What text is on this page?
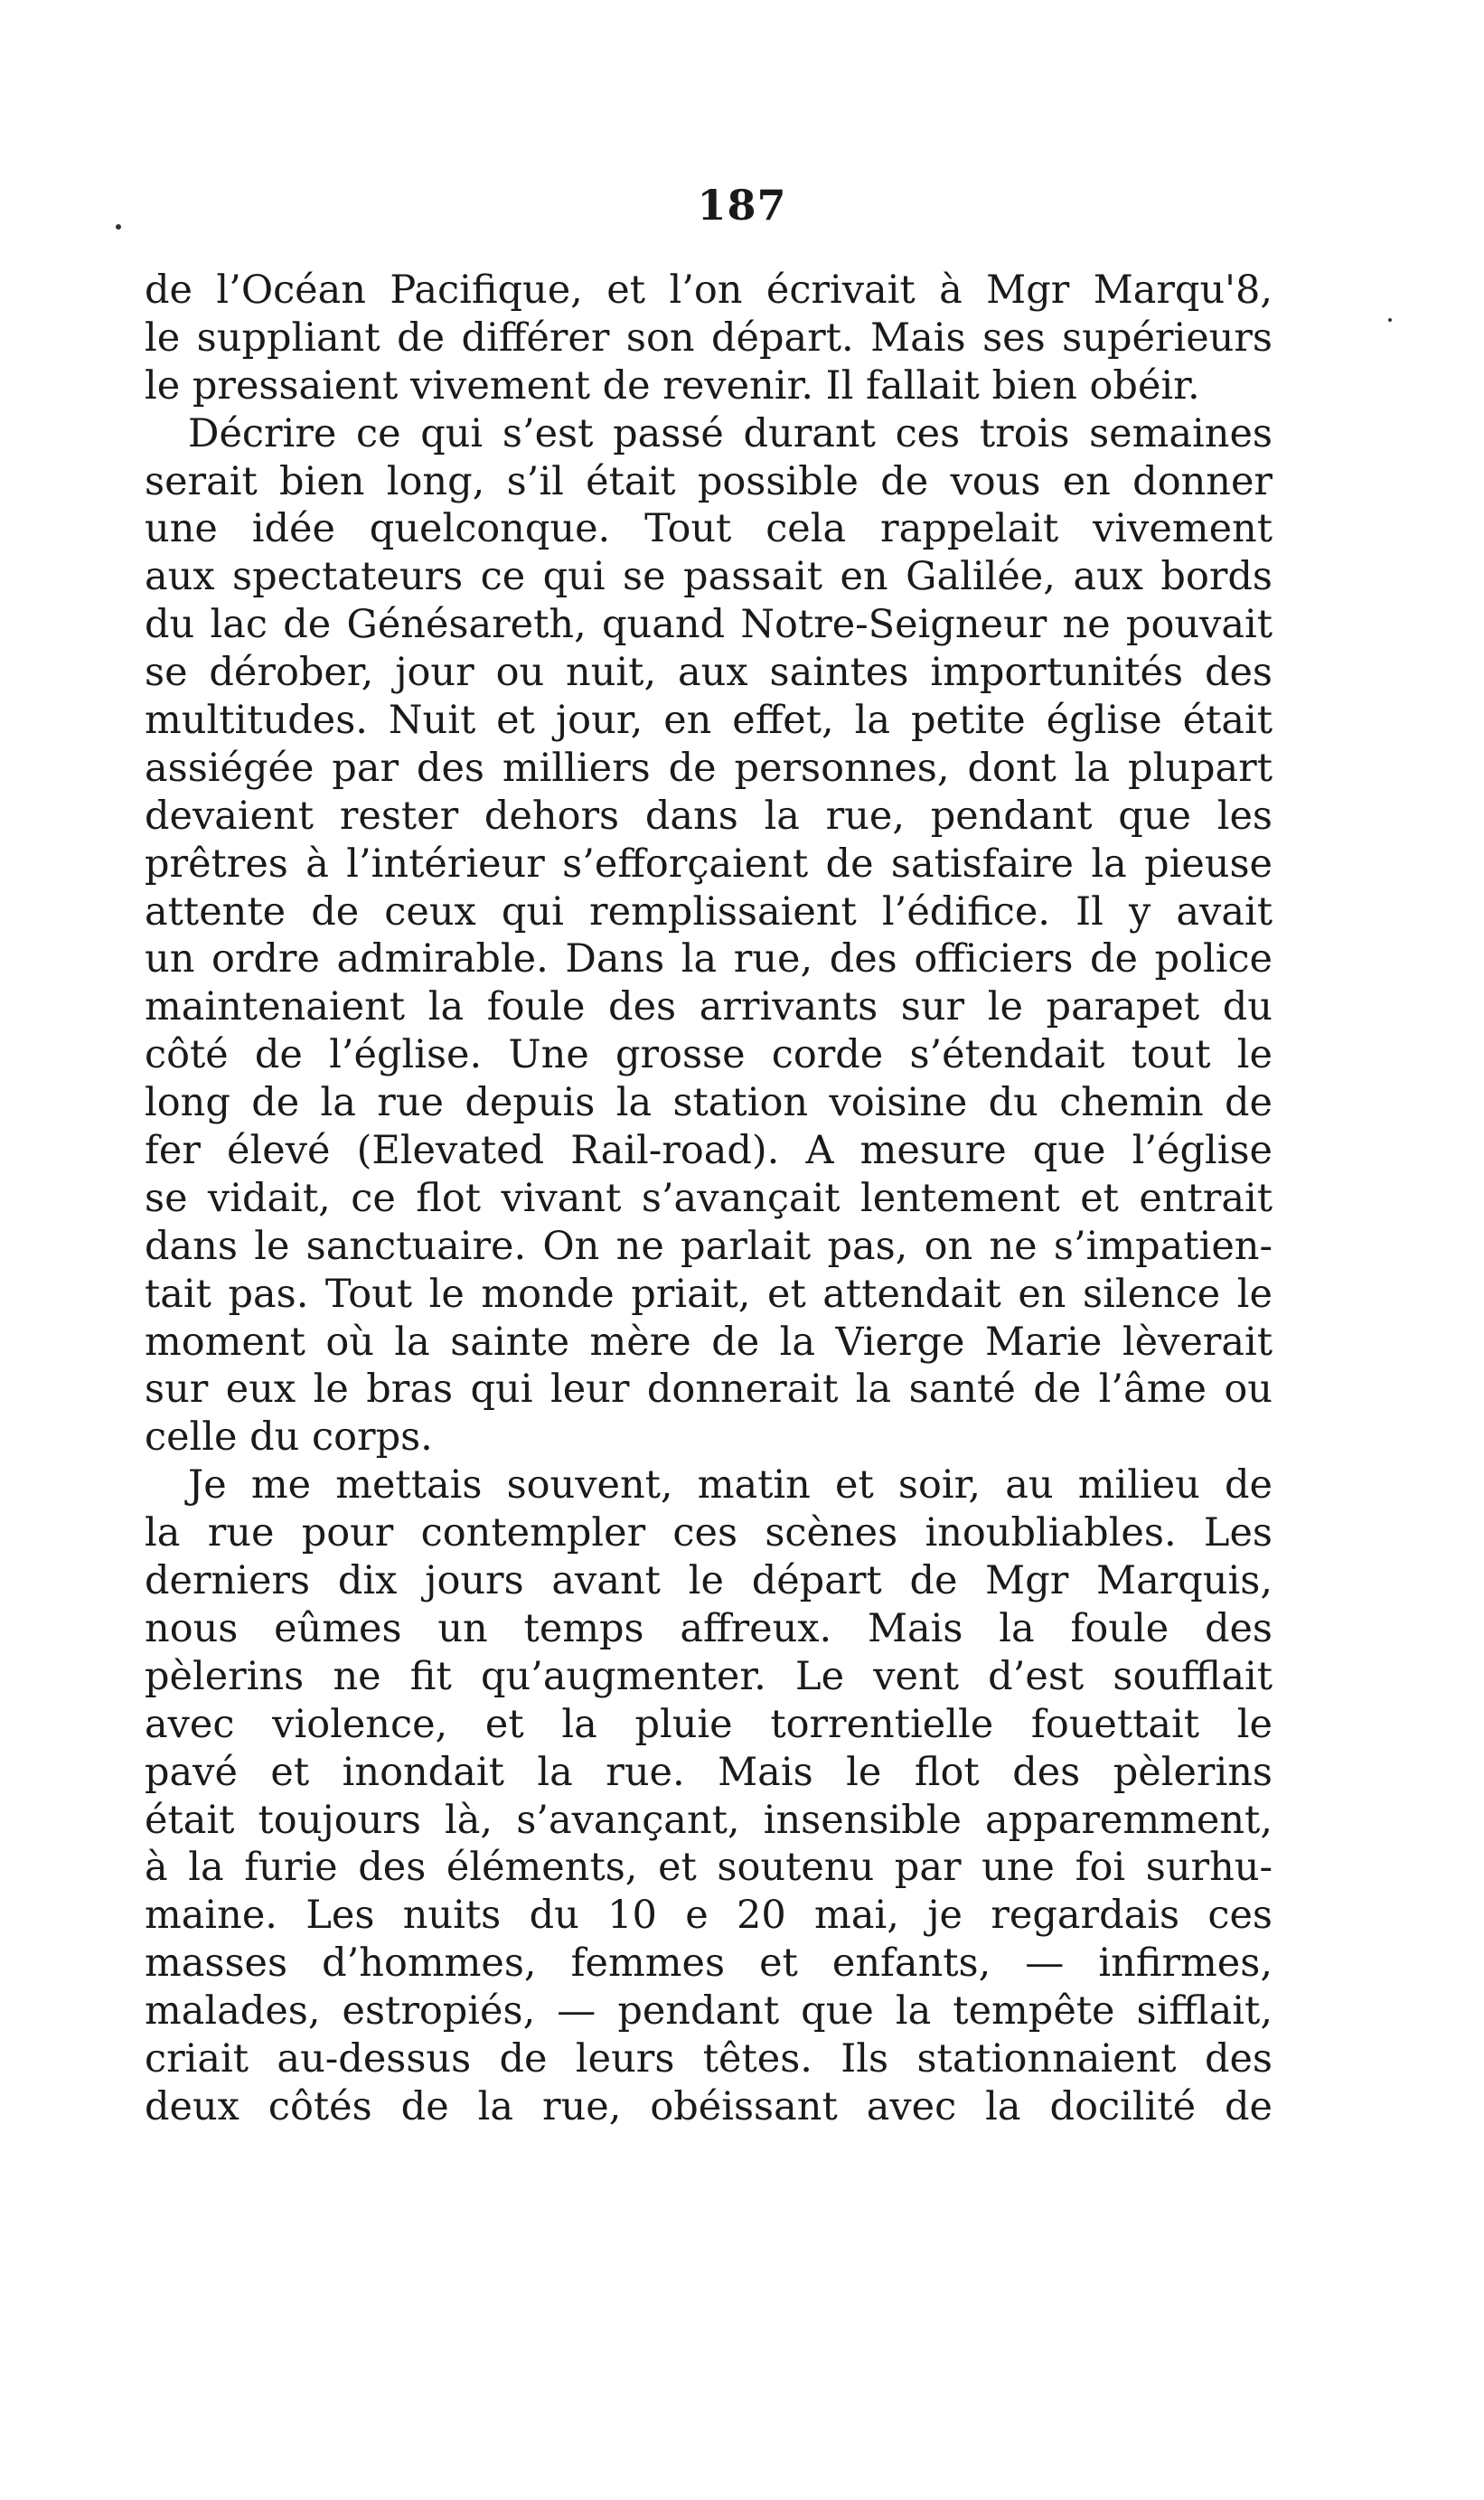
187
de l’Océan Pacifique, et l’on écrivait à Mgr Marqu'8,
le suppliant de différer son départ. Mais ses supérieurs
le pressaient vivement de revenir. Il fallait bien obéir.
Décrire ce qui s’est passé durant ces trois semaines
serait bien long, s’il était possible de vous en donner
une idée quelconque. Tout cela rappelait vivement
aux spectateurs ce qui se passait en Galilée, aux bords
du lac de Génésareth, quand Notre-Seigneur ne pouvait
se dérober, jour ou nuit, aux saintes importunités des
multitudes. Nuit et jour, en effet, la petite église était
assiégée par des milliers de personnes, dont la plupart
devaient rester dehors dans la rue, pendant que les
prêtres à l’intérieur s’efforçaient de satisfaire la pieuse
attente de ceux qui remplissaient l’édifice. Il y avait
un ordre admirable. Dans la rue, des officiers de police
maintenaient la foule des arrivants sur le parapet du
côté de l’église. Une grosse corde s’étendait tout le
long de la rue depuis la station voisine du chemin de
fer élevé (Elevated Rail-road). A mesure que l’église
se vidait, ce flot vivant s’avançait lentement et entrait
dans le sanctuaire. On ne parlait pas, on ne s’impatien-
tait pas. Tout le monde priait, et attendait en silence le
moment où la sainte mère de la Vierge Marie lèverait
sur eux le bras qui leur donnerait la santé de l’âme ou
celle du corps.
Je me mettais souvent, matin et soir, au milieu de
la rue pour contempler ces scènes inoubliables. Les
derniers dix jours avant le départ de Mgr Marquis,
nous eûmes un temps affreux. Mais la foule des
pèlerins ne fit qu’augmenter. Le vent d’est soufflait
avec violence, et la pluie torrentielle fouettait le
pavé et inondait la rue. Mais le flot des pèlerins
était toujours là, s’avançant, insensible apparemment,
à la furie des éléments, et soutenu par une foi surhu-
maine. Les nuits du 10 e 20 mai, je regardais ces
masses d’hommes, femmes et enfants, — infirmes,
malades, estropiés, — pendant que la tempête sifflait,
criait au-dessus de leurs têtes. Ils stationnaient des
deux côtés de la rue, obéissant avec la docilité de
